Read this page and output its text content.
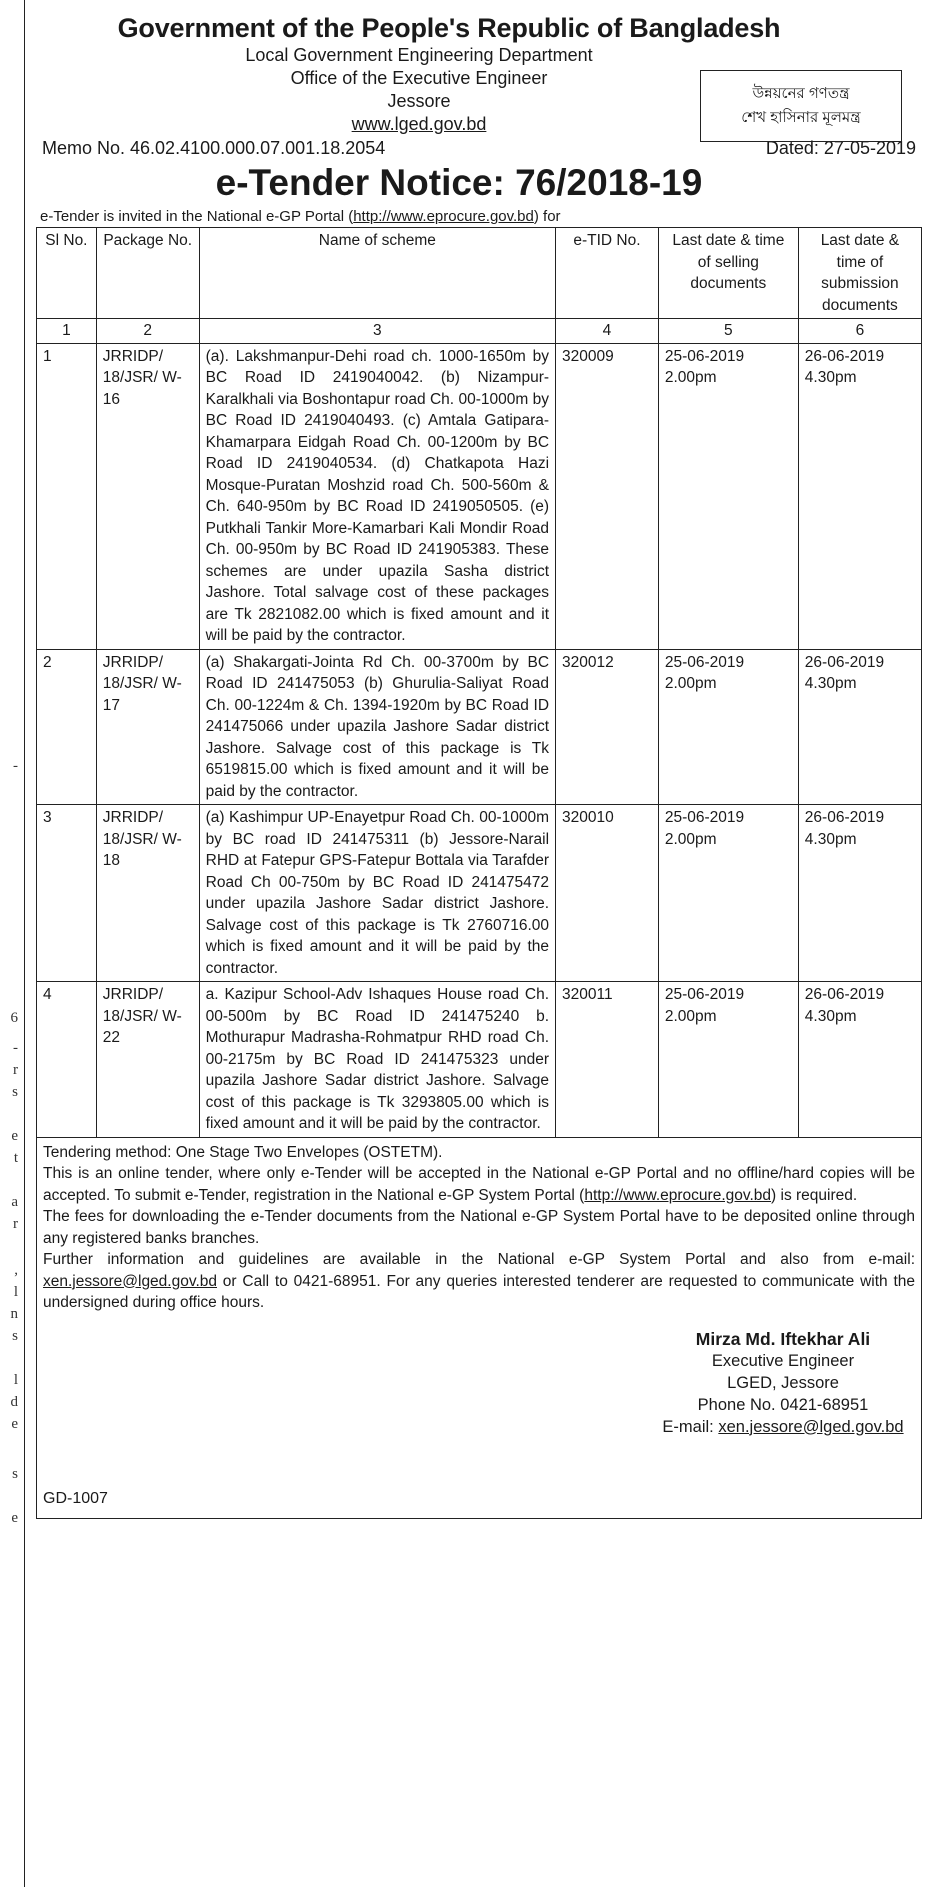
-
6
-
r
s
e
t
a
r
,
l
n
s
l
d
e
s
e
Government of the People's Republic of Bangladesh
Local Government Engineering Department
Office of the Executive Engineer
Jessore
www.lged.gov.bd
উন্নয়নের গণতন্ত্র
শেখ হাসিনার মূলমন্ত্র
Memo No. 46.02.4100.000.07.001.18.2054	Dated: 27-05-2019
e-Tender Notice: 76/2018-19
e-Tender is invited in the National e-GP Portal (http://www.eprocure.gov.bd) for
Sl No.	Package No.	Name of scheme	e-TID No.	Last date & time of selling documents	Last date & time of submission documents
1	2	3	4	5	6
1	JRRIDP/ 18/JSR/ W-16	(a). Lakshmanpur-Dehi road ch. 1000-1650m by BC Road ID 2419040042. (b) Nizampur-Karalkhali via Boshontapur road Ch. 00-1000m by BC Road ID 2419040493. (c) Amtala Gatipara-Khamarpara Eidgah Road Ch. 00-1200m by BC Road ID 2419040534. (d) Chatkapota Hazi Mosque-Puratan Moshzid road Ch. 500-560m & Ch. 640-950m by BC Road ID 2419050505. (e) Putkhali Tankir More-Kamarbari Kali Mondir Road Ch. 00-950m by BC Road ID 241905383. These schemes are under upazila Sasha district Jashore. Total salvage cost of these packages are Tk 2821082.00 which is fixed amount and it will be paid by the contractor.	320009	25-06-2019 2.00pm	26-06-2019 4.30pm
2	JRRIDP/ 18/JSR/ W-17	(a) Shakargati-Jointa Rd Ch. 00-3700m by BC Road ID 241475053 (b) Ghurulia-Saliyat Road Ch. 00-1224m & Ch. 1394-1920m by BC Road ID 241475066 under upazila Jashore Sadar district Jashore. Salvage cost of this package is Tk 6519815.00 which is fixed amount and it will be paid by the contractor.	320012	25-06-2019 2.00pm	26-06-2019 4.30pm
3	JRRIDP/ 18/JSR/ W-18	(a) Kashimpur UP-Enayetpur Road Ch. 00-1000m by BC road ID 241475311 (b) Jessore-Narail RHD at Fatepur GPS-Fatepur Bottala via Tarafder Road Ch 00-750m by BC Road ID 241475472 under upazila Jashore Sadar district Jashore. Salvage cost of this package is Tk 2760716.00 which is fixed amount and it will be paid by the contractor.	320010	25-06-2019 2.00pm	26-06-2019 4.30pm
4	JRRIDP/ 18/JSR/ W-22	a. Kazipur School-Adv Ishaques House road Ch. 00-500m by BC Road ID 241475240 b. Mothurapur Madrasha-Rohmatpur RHD road Ch. 00-2175m by BC Road ID 241475323 under upazila Jashore Sadar district Jashore. Salvage cost of this package is Tk 3293805.00 which is fixed amount and it will be paid by the contractor.	320011	25-06-2019 2.00pm	26-06-2019 4.30pm

Tendering method: One Stage Two Envelopes (OSTETM).

This is an online tender, where only e-Tender will be accepted in the National e-GP Portal and no offline/hard copies will be accepted. To submit e-Tender, registration in the National e-GP System Portal (http://www.eprocure.gov.bd) is required.

The fees for downloading the e-Tender documents from the National e-GP System Portal have to be deposited online through any registered banks branches.

Further information and guidelines are available in the National e-GP System Portal and also from e-mail: xen.jessore@lged.gov.bd or Call to 0421-68951. For any queries interested tenderer are requested to communicate with the undersigned during office hours.

Mirza Md. Iftekhar Ali
Executive Engineer
LGED, Jessore
Phone No. 0421-68951
E-mail: xen.jessore@lged.gov.bd
GD-1007
